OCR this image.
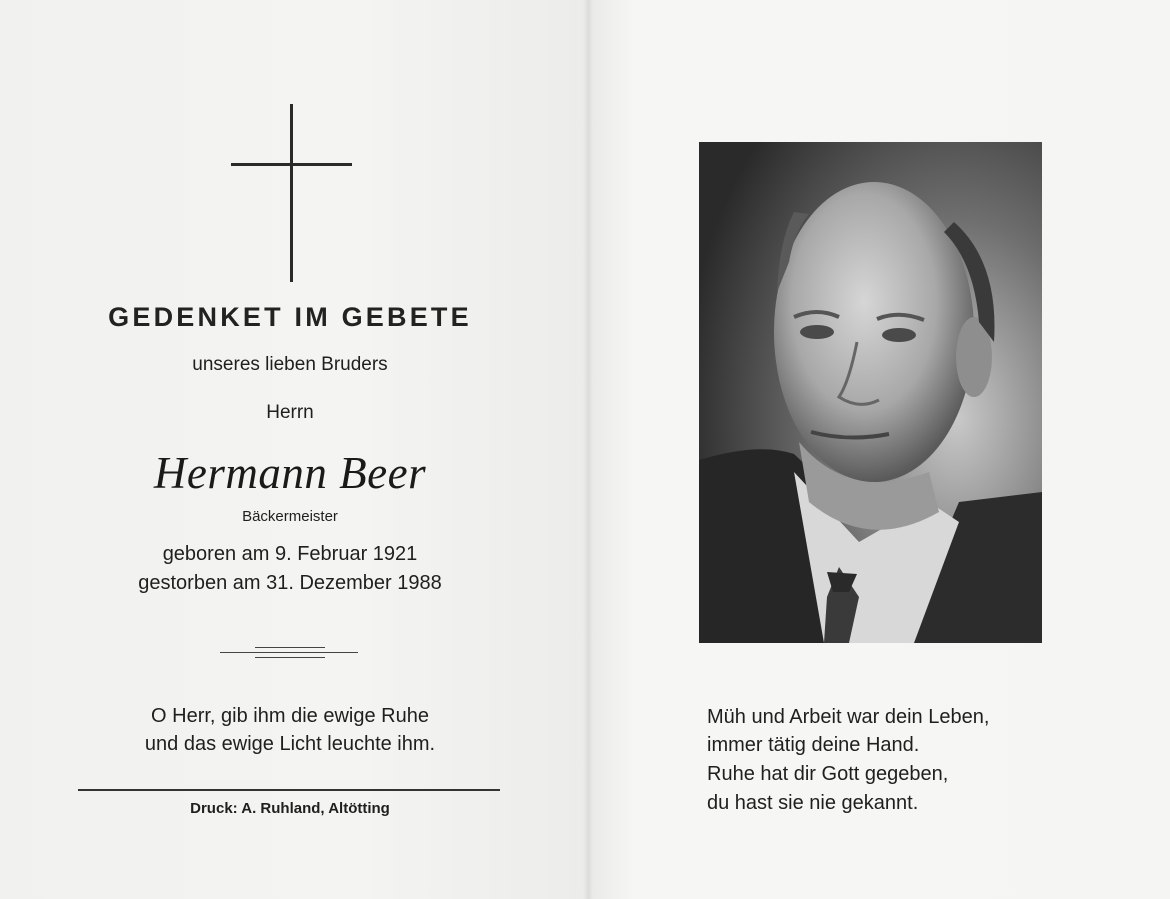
GEDENKET IM GEBETE
unseres lieben Bruders
Herrn
Hermann Beer
Bäckermeister
geboren am 9. Februar 1921
gestorben am 31. Dezember 1988
O Herr, gib ihm die ewige Ruhe
und das ewige Licht leuchte ihm.
Druck: A. Ruhland, Altötting
Müh und Arbeit war dein Leben,
immer tätig deine Hand.
Ruhe hat dir Gott gegeben,
du hast sie nie gekannt.
